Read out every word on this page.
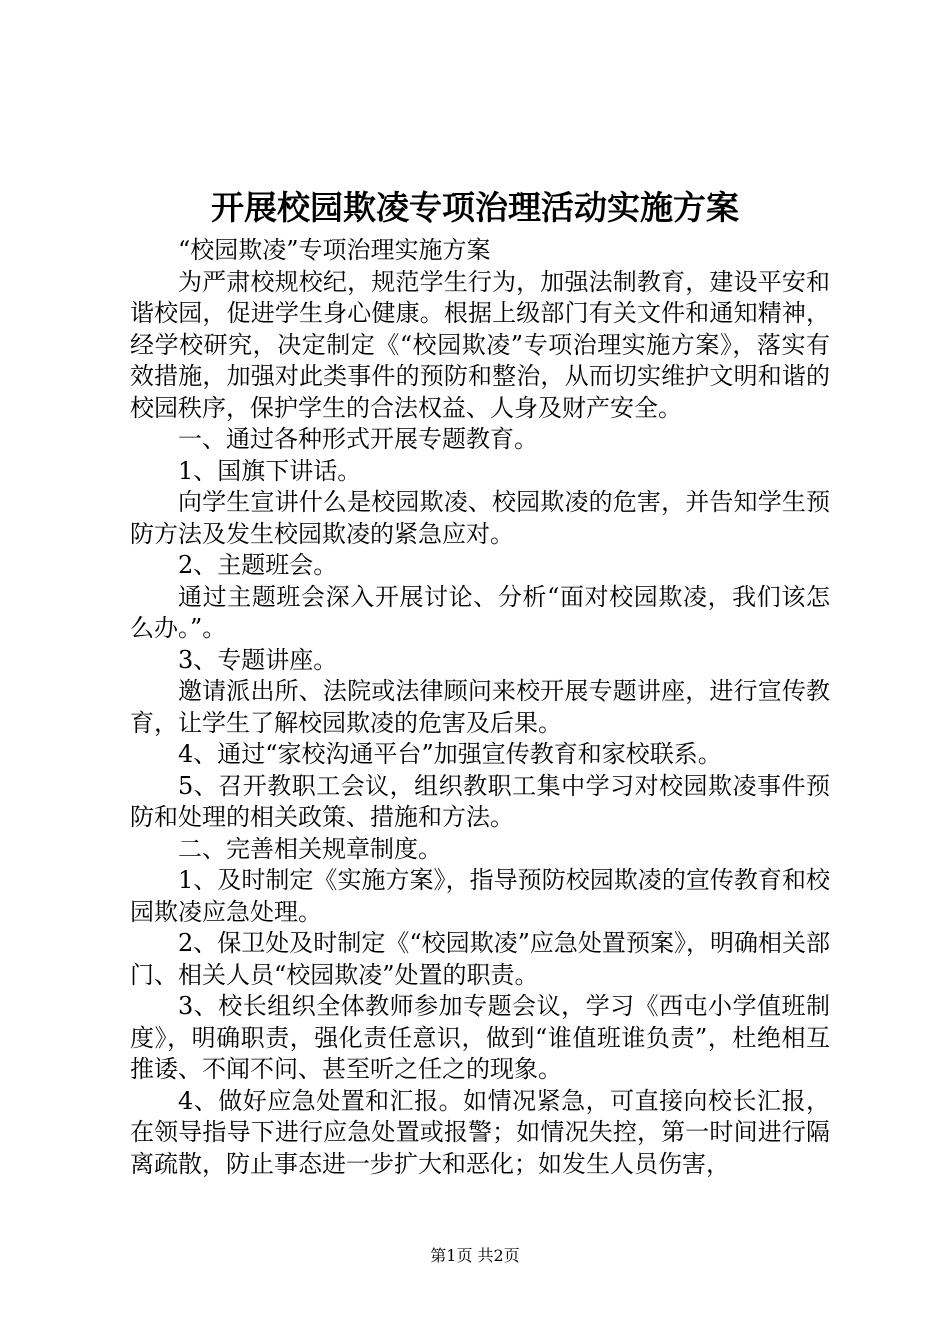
开展校园欺凌专项治理活动实施方案

“校园欺凌”专项治理实施方案

为严肃校规校纪，规范学生行为，加强法制教育，建设平安和谐校园，促进学生身心健康。根据上级部门有关文件和通知精神，经学校研究，决定制定《“校园欺凌”专项治理实施方案》，落实有效措施，加强对此类事件的预防和整治，从而切实维护文明和谐的校园秩序，保护学生的合法权益、人身及财产安全。

一、通过各种形式开展专题教育。

1、国旗下讲话。

向学生宣讲什么是校园欺凌、校园欺凌的危害，并告知学生预防方法及发生校园欺凌的紧急应对。

2、主题班会。

通过主题班会深入开展讨论、分析“面对校园欺凌，我们该怎么办。”。

3、专题讲座。

邀请派出所、法院或法律顾问来校开展专题讲座，进行宣传教育，让学生了解校园欺凌的危害及后果。

4、通过“家校沟通平台”加强宣传教育和家校联系。

5、召开教职工会议，组织教职工集中学习对校园欺凌事件预防和处理的相关政策、措施和方法。

二、完善相关规章制度。

1、及时制定《实施方案》，指导预防校园欺凌的宣传教育和校园欺凌应急处理。

2、保卫处及时制定《“校园欺凌”应急处置预案》，明确相关部门、相关人员“校园欺凌”处置的职责。

3、校长组织全体教师参加专题会议，学习《西屯小学值班制度》，明确职责，强化责任意识，做到“谁值班谁负责”，杜绝相互推诿、不闻不问、甚至听之任之的现象。

4、做好应急处置和汇报。如情况紧急，可直接向校长汇报，在领导指导下进行应急处置或报警；如情况失控，第一时间进行隔离疏散，防止事态进一步扩大和恶化；如发生人员伤害，

第1页 共2页
